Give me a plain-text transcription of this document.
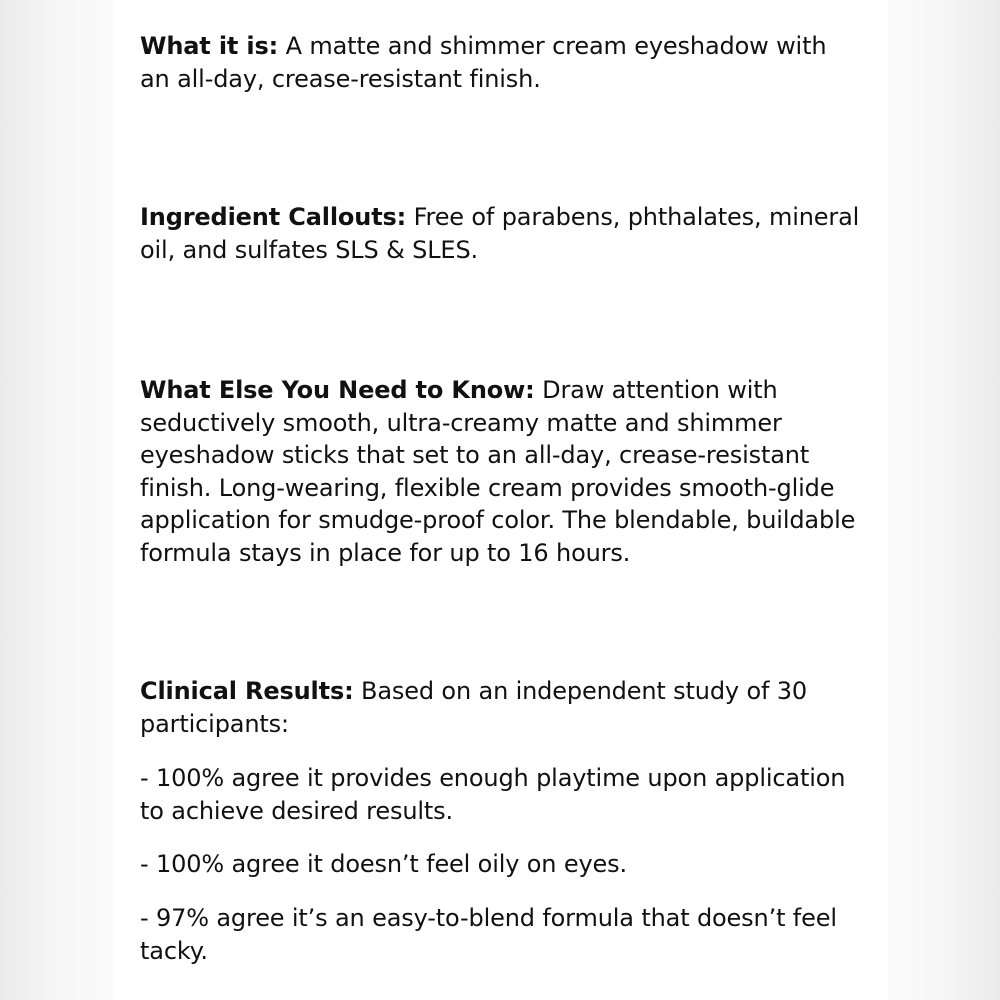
What it is: A matte and shimmer cream eyeshadow with an all-day, crease-resistant finish.

Ingredient Callouts: Free of parabens, phthalates, mineral oil, and sulfates SLS & SLES.

What Else You Need to Know: Draw attention with seductively smooth, ultra-creamy matte and shimmer eyeshadow sticks that set to an all-day, crease-resistant finish. Long-wearing, flexible cream provides smooth-glide application for smudge-proof color. The blendable, buildable formula stays in place for up to 16 hours.

Clinical Results: Based on an independent study of 30 participants:

- 100% agree it provides enough playtime upon application to achieve desired results.

- 100% agree it doesn’t feel oily on eyes.

- 97% agree it’s an easy-to-blend formula that doesn’t feel tacky.
